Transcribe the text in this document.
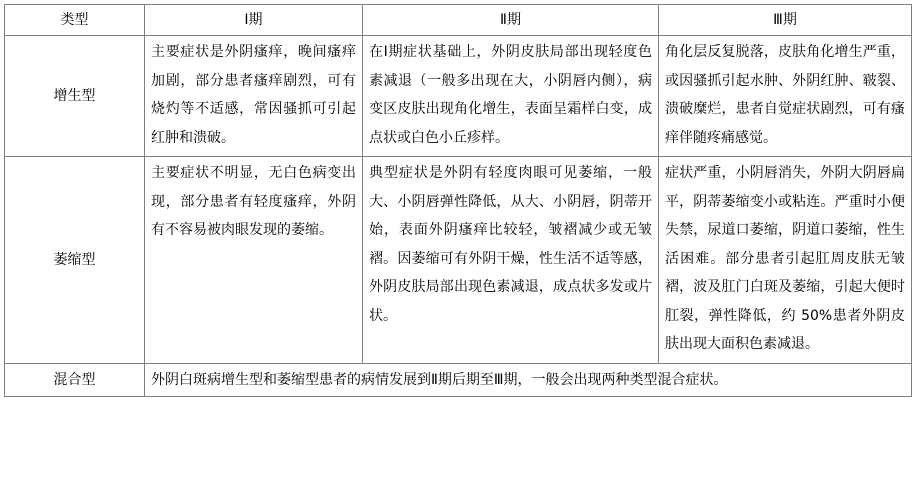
类型	Ⅰ期	Ⅱ期	Ⅲ期
增生型	主要症状是外阴瘙痒，晚间瘙痒加剧，部分患者瘙痒剧烈，可有烧灼等不适感，常因骚抓可引起红肿和溃破。	在Ⅰ期症状基础上，外阴皮肤局部出现轻度色素减退（一般多出现在大，小阴唇内侧），病变区皮肤出现角化增生，表面呈霜样白变，成点状或白色小丘疹样。	角化层反复脱落，皮肤角化增生严重，或因骚抓引起水肿、外阴红肿、皲裂、溃破糜烂，患者自觉症状剧烈，可有瘙痒伴随疼痛感觉。
萎缩型	主要症状不明显，无白色病变出现，部分患者有轻度瘙痒，外阴有不容易被肉眼发现的萎缩。	典型症状是外阴有轻度肉眼可见萎缩，一般大、小阴唇弹性降低，从大、小阴唇，阴蒂开始，表面外阴瘙痒比较轻，皱褶减少或无皱褶。因萎缩可有外阴干燥，性生活不适等感，外阴皮肤局部出现色素减退，成点状多发或片状。	症状严重，小阴唇消失，外阴大阴唇扁平，阴蒂萎缩变小或粘连。严重时小便失禁，尿道口萎缩，阴道口萎缩，性生活困难。部分患者引起肛周皮肤无皱褶，波及肛门白斑及萎缩，引起大便时肛裂，弹性降低，约 50%患者外阴皮肤出现大面积色素减退。
混合型	外阴白斑病增生型和萎缩型患者的病情发展到Ⅱ期后期至Ⅲ期，一般会出现两种类型混合症状。		
